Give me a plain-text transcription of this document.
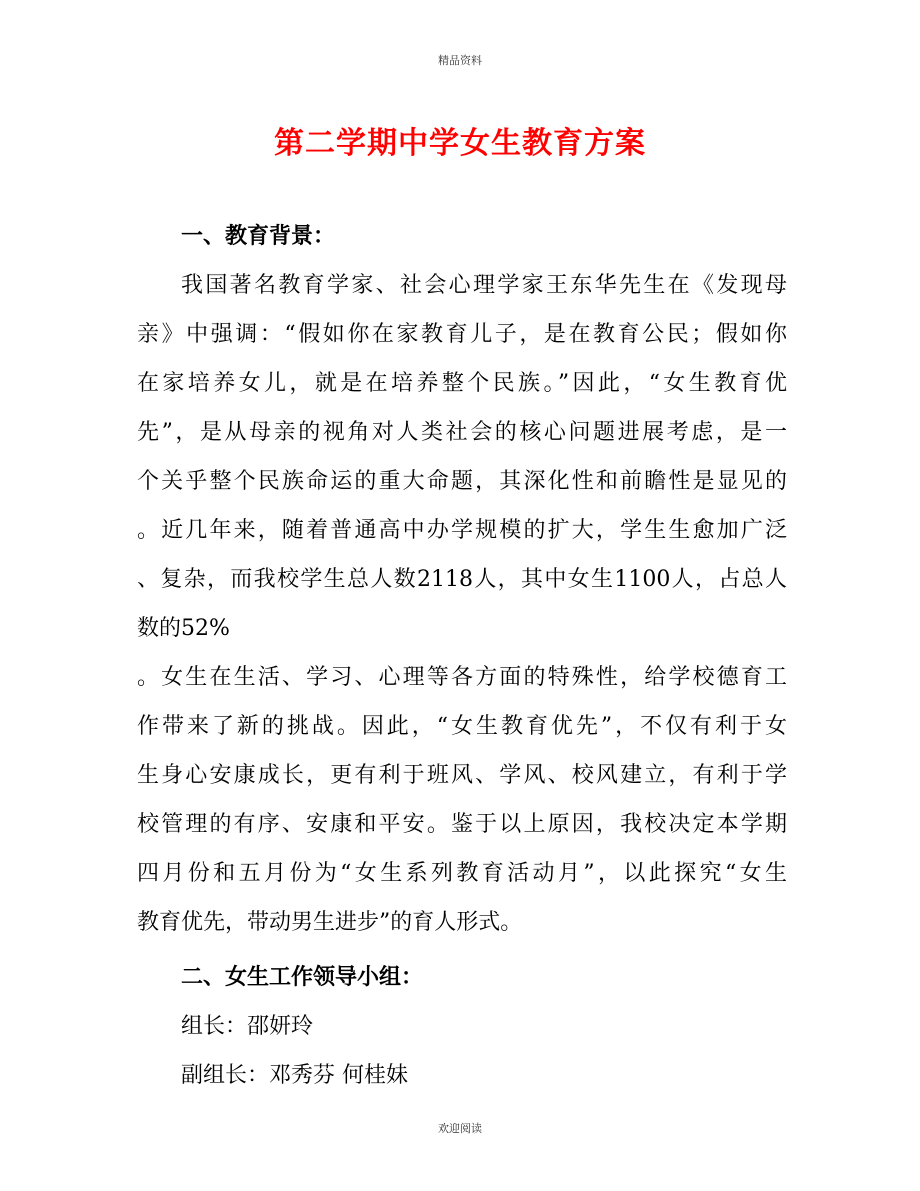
精品资料
第二学期中学女生教育方案
一、教育背景：
我国著名教育学家、社会心理学家王东华先生在《发现母
亲》中强调：“假如你在家教育儿子，是在教育公民；假如你
在家培养女儿，就是在培养整个民族。”因此，“女生教育优
先”，是从母亲的视角对人类社会的核心问题进展考虑，是一
个关乎整个民族命运的重大命题，其深化性和前瞻性是显见的
。近几年来，随着普通高中办学规模的扩大，学生生愈加广泛
、复杂，而我校学生总人数2118人，其中女生1100人，占总人
数的52%
。女生在生活、学习、心理等各方面的特殊性，给学校德育工
作带来了新的挑战。因此，“女生教育优先”，不仅有利于女
生身心安康成长，更有利于班风、学风、校风建立，有利于学
校管理的有序、安康和平安。鉴于以上原因，我校决定本学期
四月份和五月份为“女生系列教育活动月”，以此探究“女生
教育优先，带动男生进步”的育人形式。
二、女生工作领导小组：
组长：邵妍玲
副组长：邓秀芬 何桂妹
欢迎阅读
